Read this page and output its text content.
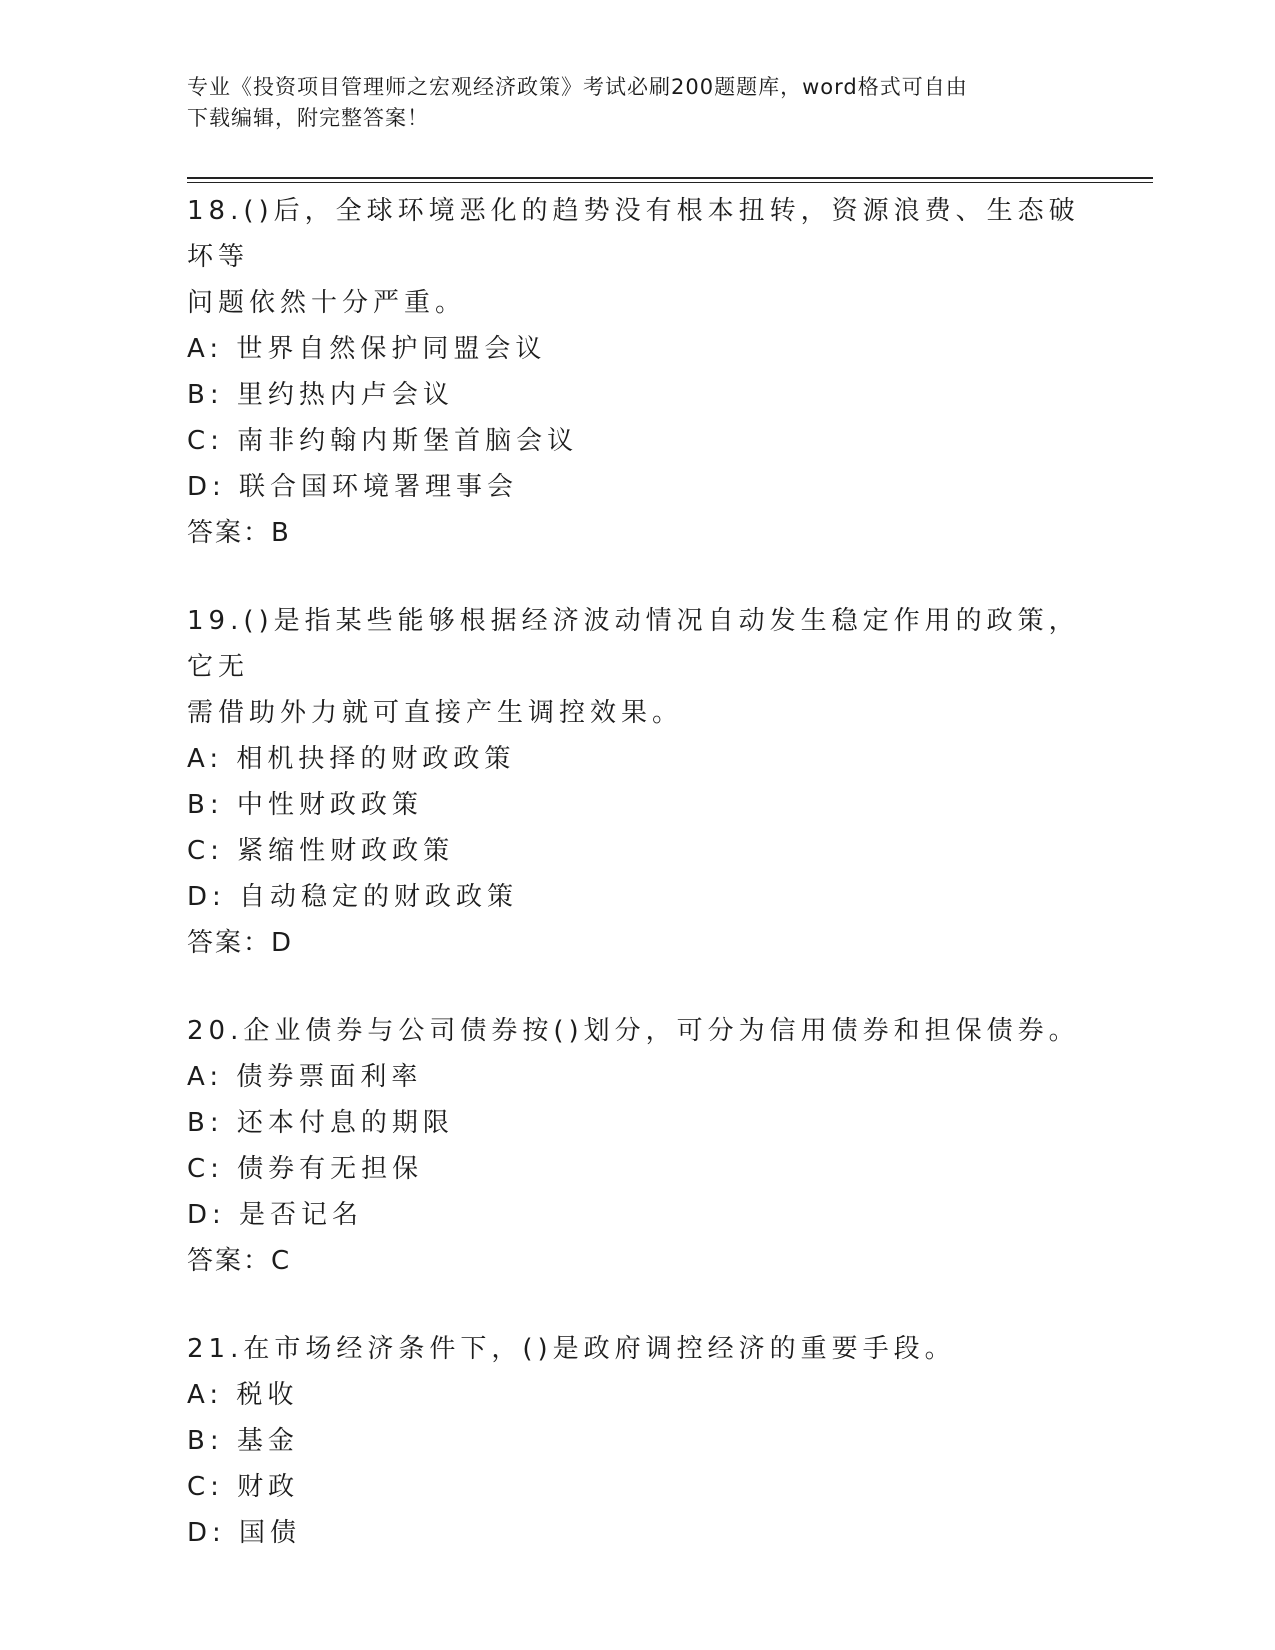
专业《投资项目管理师之宏观经济政策》考试必刷200题题库，word格式可自由
下载编辑，附完整答案！
18.()后，全球环境恶化的趋势没有根本扭转，资源浪费、生态破坏等
问题依然十分严重。
A: 世界自然保护同盟会议
B: 里约热内卢会议
C: 南非约翰内斯堡首脑会议
D: 联合国环境署理事会
答案：B
19.()是指某些能够根据经济波动情况自动发生稳定作用的政策，它无
需借助外力就可直接产生调控效果。
A: 相机抉择的财政政策
B: 中性财政政策
C: 紧缩性财政政策
D: 自动稳定的财政政策
答案：D
20.企业债券与公司债券按()划分，可分为信用债券和担保债券。
A: 债券票面利率
B: 还本付息的期限
C: 债券有无担保
D: 是否记名
答案：C
21.在市场经济条件下，()是政府调控经济的重要手段。
A: 税收
B: 基金
C: 财政
D: 国债
